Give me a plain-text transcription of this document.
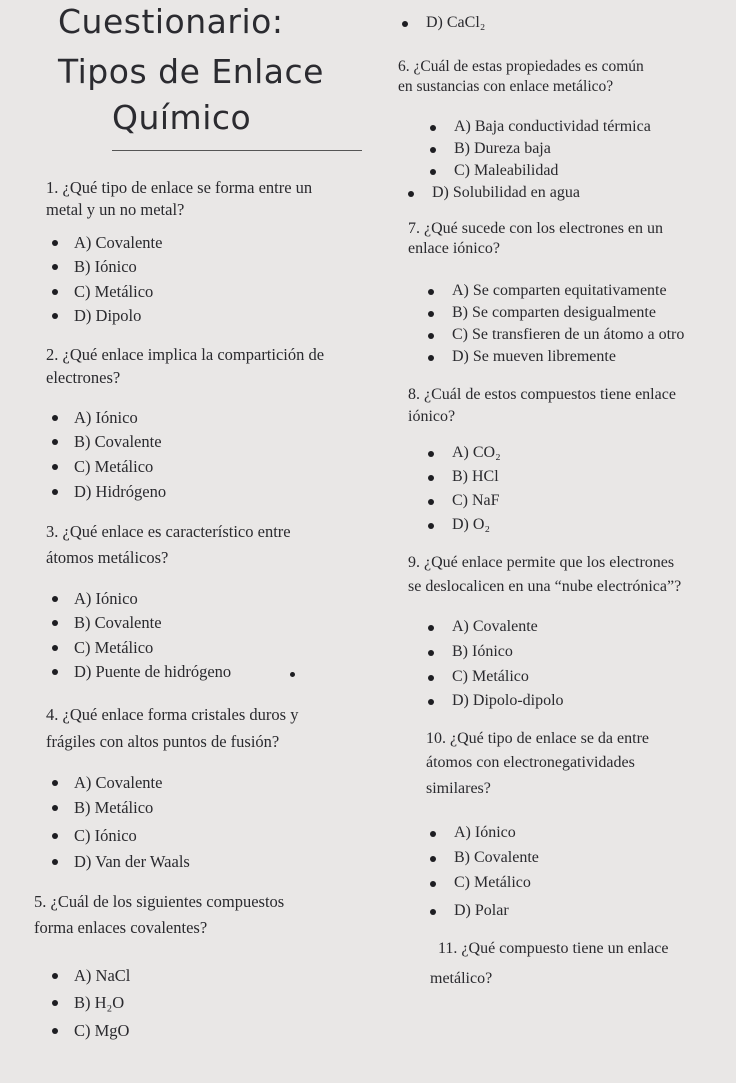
Cuestionario:
Tipos de Enlace
Químico
1. ¿Qué tipo de enlace se forma entre un
metal y un no metal?
A) Covalente
B) Iónico
C) Metálico
D) Dipolo
2. ¿Qué enlace implica la compartición de
electrones?
A) Iónico
B) Covalente
C) Metálico
D) Hidrógeno
3. ¿Qué enlace es característico entre
átomos metálicos?
A) Iónico
B) Covalente
C) Metálico
D) Puente de hidrógeno
4. ¿Qué enlace forma cristales duros y
frágiles con altos puntos de fusión?
A) Covalente
B) Metálico
C) Iónico
D) Van der Waals
5. ¿Cuál de los siguientes compuestos
forma enlaces covalentes?
A) NaCl
B) H₂O
C) MgO
D) CaCl₂
6. ¿Cuál de estas propiedades es común
en sustancias con enlace metálico?
A) Baja conductividad térmica
B) Dureza baja
C) Maleabilidad
D) Solubilidad en agua
7. ¿Qué sucede con los electrones en un
enlace iónico?
A) Se comparten equitativamente
B) Se comparten desigualmente
C) Se transfieren de un átomo a otro
D) Se mueven libremente
8. ¿Cuál de estos compuestos tiene enlace
iónico?
A) CO₂
B) HCl
C) NaF
D) O₂
9. ¿Qué enlace permite que los electrones
se deslocalicen en una “nube electrónica”?
A) Covalente
B) Iónico
C) Metálico
D) Dipolo-dipolo
10. ¿Qué tipo de enlace se da entre
átomos con electronegatividades
similares?
A) Iónico
B) Covalente
C) Metálico
D) Polar
11. ¿Qué compuesto tiene un enlace
metálico?
